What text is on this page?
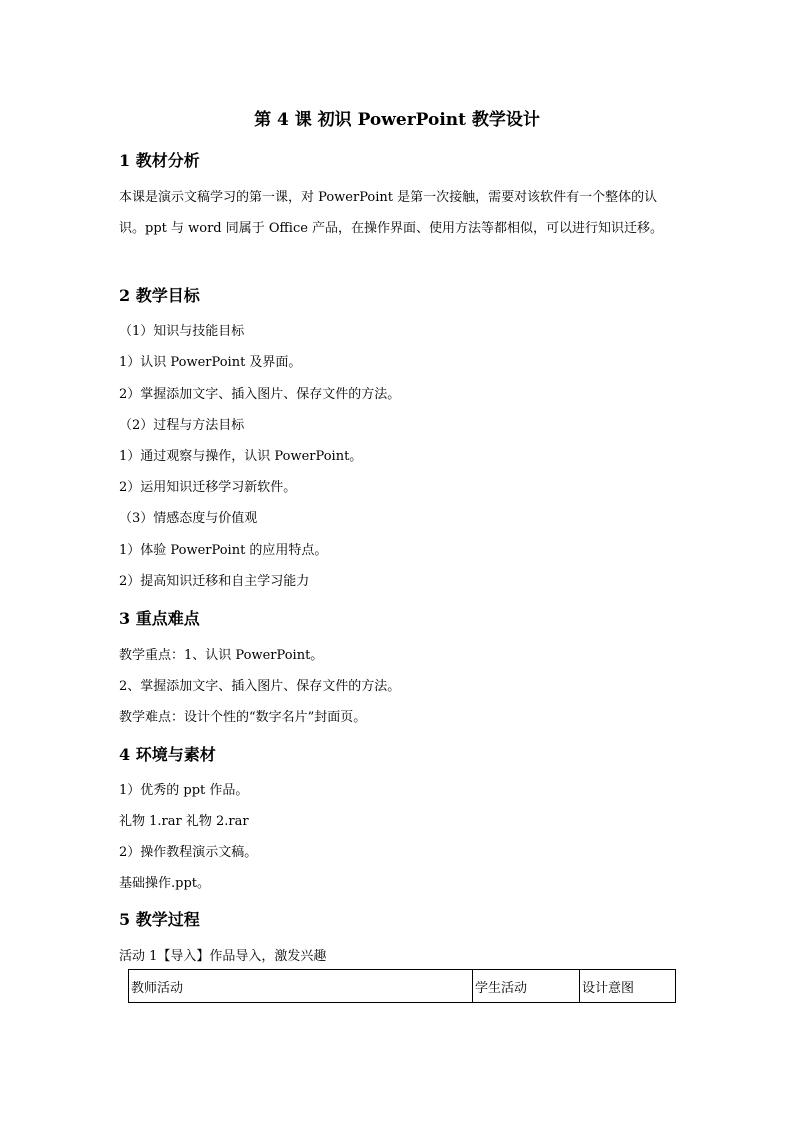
第 4 课 初识 PowerPoint 教学设计
1 教材分析
本课是演示文稿学习的第一课，对 PowerPoint 是第一次接触，需要对该软件有一个整体的认识。ppt 与 word 同属于 Office 产品，在操作界面、使用方法等都相似，可以进行知识迁移。
2 教学目标
（1）知识与技能目标
1）认识 PowerPoint 及界面。
2）掌握添加文字、插入图片、保存文件的方法。
（2）过程与方法目标
1）通过观察与操作，认识 PowerPoint。
2）运用知识迁移学习新软件。
（3）情感态度与价值观
1）体验 PowerPoint 的应用特点。
2）提高知识迁移和自主学习能力
3 重点难点
教学重点：1、认识 PowerPoint。
2、掌握添加文字、插入图片、保存文件的方法。
教学难点：设计个性的“数字名片”封面页。
4 环境与素材
1）优秀的 ppt 作品。
礼物 1.rar 礼物 2.rar
2）操作教程演示文稿。
基础操作.ppt。
5 教学过程
活动 1【导入】作品导入，激发兴趣
教师活动	学生活动	设计意图
